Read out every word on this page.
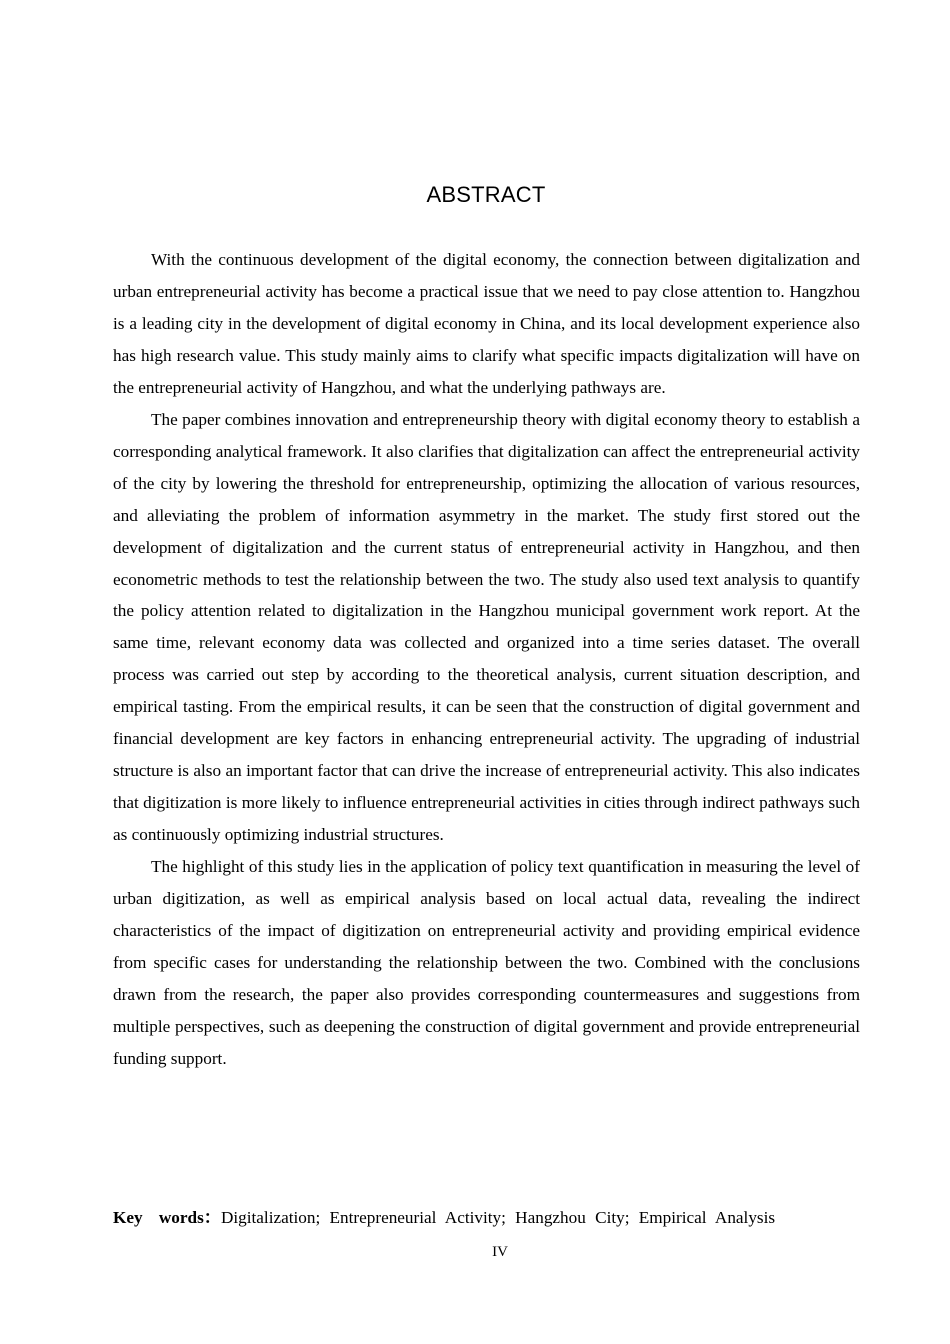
ABSTRACT

With the continuous development of the digital economy, the connection between digitalization and urban entrepreneurial activity has become a practical issue that we need to pay close attention to. Hangzhou is a leading city in the development of digital economy in China, and its local development experience also has high research value. This study mainly aims to clarify what specific impacts digitalization will have on the entrepreneurial activity of Hangzhou, and what the underlying pathways are.

The paper combines innovation and entrepreneurship theory with digital economy theory to establish a corresponding analytical framework. It also clarifies that digitalization can affect the entrepreneurial activity of the city by lowering the threshold for entrepreneurship, optimizing the allocation of various resources, and alleviating the problem of information asymmetry in the market. The study first stored out the development of digitalization and the current status of entrepreneurial activity in Hangzhou, and then econometric methods to test the relationship between the two. The study also used text analysis to quantify the policy attention related to digitalization in the Hangzhou municipal government work report. At the same time, relevant economy data was collected and organized into a time series dataset. The overall process was carried out step by according to the theoretical analysis, current situation description, and empirical tasting. From the empirical results, it can be seen that the construction of digital government and financial development are key factors in enhancing entrepreneurial activity. The upgrading of industrial structure is also an important factor that can drive the increase of entrepreneurial activity. This also indicates that digitization is more likely to influence entrepreneurial activities in cities through indirect pathways such as continuously optimizing industrial structures.

The highlight of this study lies in the application of policy text quantification in measuring the level of urban digitization, as well as empirical analysis based on local actual data, revealing the indirect characteristics of the impact of digitization on entrepreneurial activity and providing empirical evidence from specific cases for understanding the relationship between the two. Combined with the conclusions drawn from the research, the paper also provides corresponding countermeasures and suggestions from multiple perspectives, such as deepening the construction of digital government and provide entrepreneurial funding support.

Key words：Digitalization; Entrepreneurial Activity; Hangzhou City; Empirical Analysis
IV
